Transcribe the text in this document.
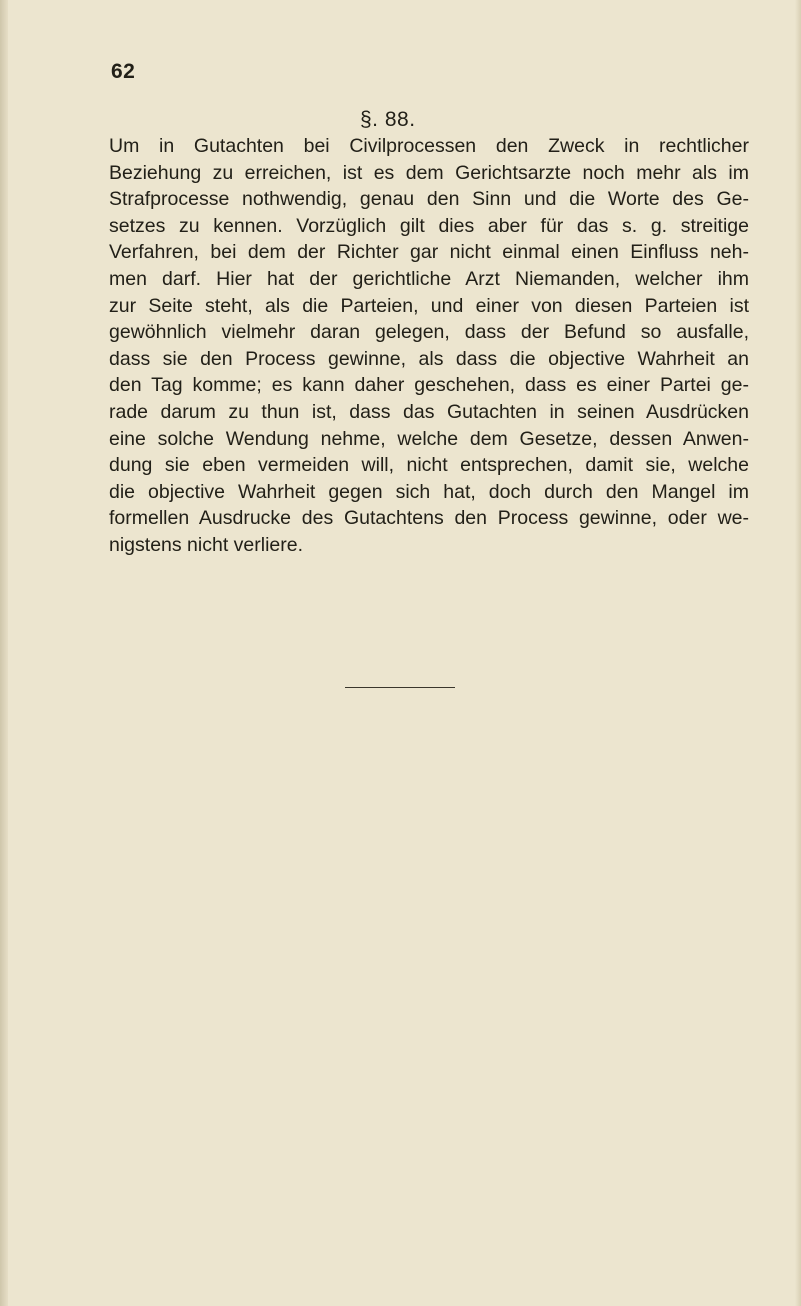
62
§. 88.
Um in Gutachten bei Civilprocessen den Zweck in rechtlicher
Beziehung zu erreichen, ist es dem Gerichtsarzte noch mehr als im
Strafprocesse nothwendig, genau den Sinn und die Worte des Ge-
setzes zu kennen. Vorzüglich gilt dies aber für das s. g. streitige
Verfahren, bei dem der Richter gar nicht einmal einen Einfluss neh-
men darf. Hier hat der gerichtliche Arzt Niemanden, welcher ihm
zur Seite steht, als die Parteien, und einer von diesen Parteien ist
gewöhnlich vielmehr daran gelegen, dass der Befund so ausfalle,
dass sie den Process gewinne, als dass die objective Wahrheit an
den Tag komme; es kann daher geschehen, dass es einer Partei ge-
rade darum zu thun ist, dass das Gutachten in seinen Ausdrücken
eine solche Wendung nehme, welche dem Gesetze, dessen Anwen-
dung sie eben vermeiden will, nicht entsprechen, damit sie, welche
die objective Wahrheit gegen sich hat, doch durch den Mangel im
formellen Ausdrucke des Gutachtens den Process gewinne, oder we-
nigstens nicht verliere.
